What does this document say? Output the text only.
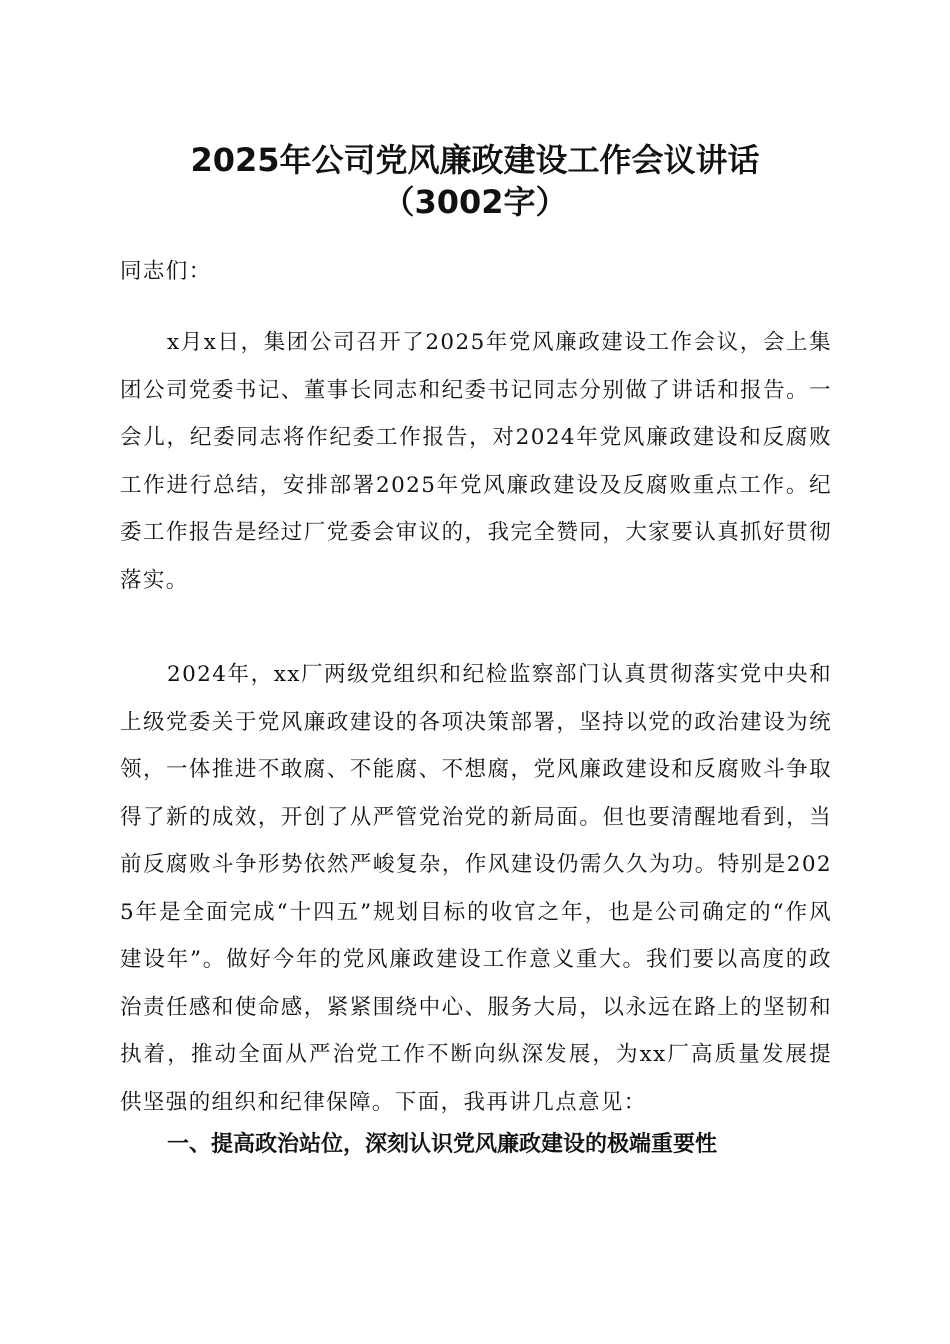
2025年公司党风廉政建设工作会议讲话
（3002字）

同志们：

x月x日，集团公司召开了2025年党风廉政建设工作会议，会上集团公司党委书记、董事长同志和纪委书记同志分别做了讲话和报告。一会儿，纪委同志将作纪委工作报告，对2024年党风廉政建设和反腐败工作进行总结，安排部署2025年党风廉政建设及反腐败重点工作。纪委工作报告是经过厂党委会审议的，我完全赞同，大家要认真抓好贯彻落实。

2024年，xx厂两级党组织和纪检监察部门认真贯彻落实党中央和上级党委关于党风廉政建设的各项决策部署，坚持以党的政治建设为统领，一体推进不敢腐、不能腐、不想腐，党风廉政建设和反腐败斗争取得了新的成效，开创了从严管党治党的新局面。但也要清醒地看到，当前反腐败斗争形势依然严峻复杂，作风建设仍需久久为功。特别是2025年是全面完成“十四五”规划目标的收官之年，也是公司确定的“作风建设年”。做好今年的党风廉政建设工作意义重大。我们要以高度的政治责任感和使命感，紧紧围绕中心、服务大局，以永远在路上的坚韧和执着，推动全面从严治党工作不断向纵深发展，为xx厂高质量发展提供坚强的组织和纪律保障。下面，我再讲几点意见：

一、提高政治站位，深刻认识党风廉政建设的极端重要性
